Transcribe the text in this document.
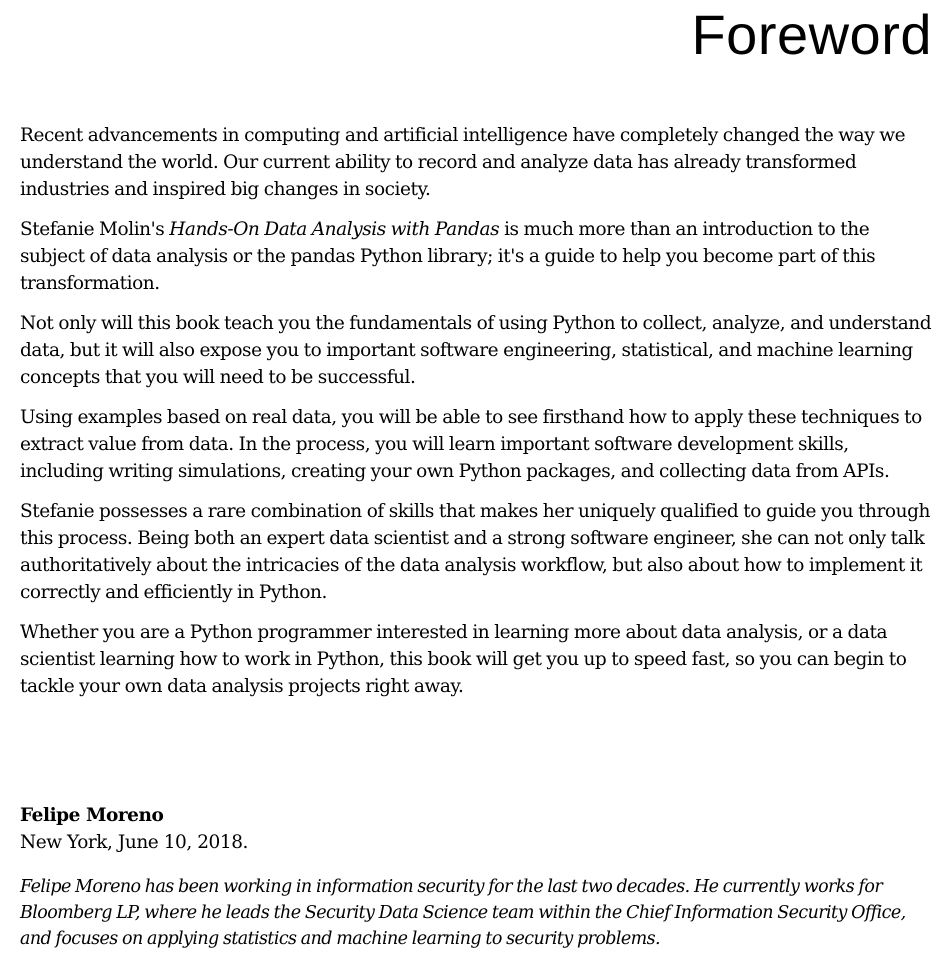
Foreword

Recent advancements in computing and artificial intelligence have completely changed the way we understand the world. Our current ability to record and analyze data has already transformed industries and inspired big changes in society.

Stefanie Molin's Hands-On Data Analysis with Pandas is much more than an introduction to the subject of data analysis or the pandas Python library; it's a guide to help you become part of this transformation.

Not only will this book teach you the fundamentals of using Python to collect, analyze, and understand data, but it will also expose you to important software engineering, statistical, and machine learning concepts that you will need to be successful.

Using examples based on real data, you will be able to see firsthand how to apply these techniques to extract value from data. In the process, you will learn important software development skills, including writing simulations, creating your own Python packages, and collecting data from APIs.

Stefanie possesses a rare combination of skills that makes her uniquely qualified to guide you through this process. Being both an expert data scientist and a strong software engineer, she can not only talk authoritatively about the intricacies of the data analysis workflow, but also about how to implement it correctly and efficiently in Python.

Whether you are a Python programmer interested in learning more about data analysis, or a data scientist learning how to work in Python, this book will get you up to speed fast, so you can begin to tackle your own data analysis projects right away.

Felipe Moreno
New York, June 10, 2018.

Felipe Moreno has been working in information security for the last two decades. He currently works for Bloomberg LP, where he leads the Security Data Science team within the Chief Information Security Office, and focuses on applying statistics and machine learning to security problems.
